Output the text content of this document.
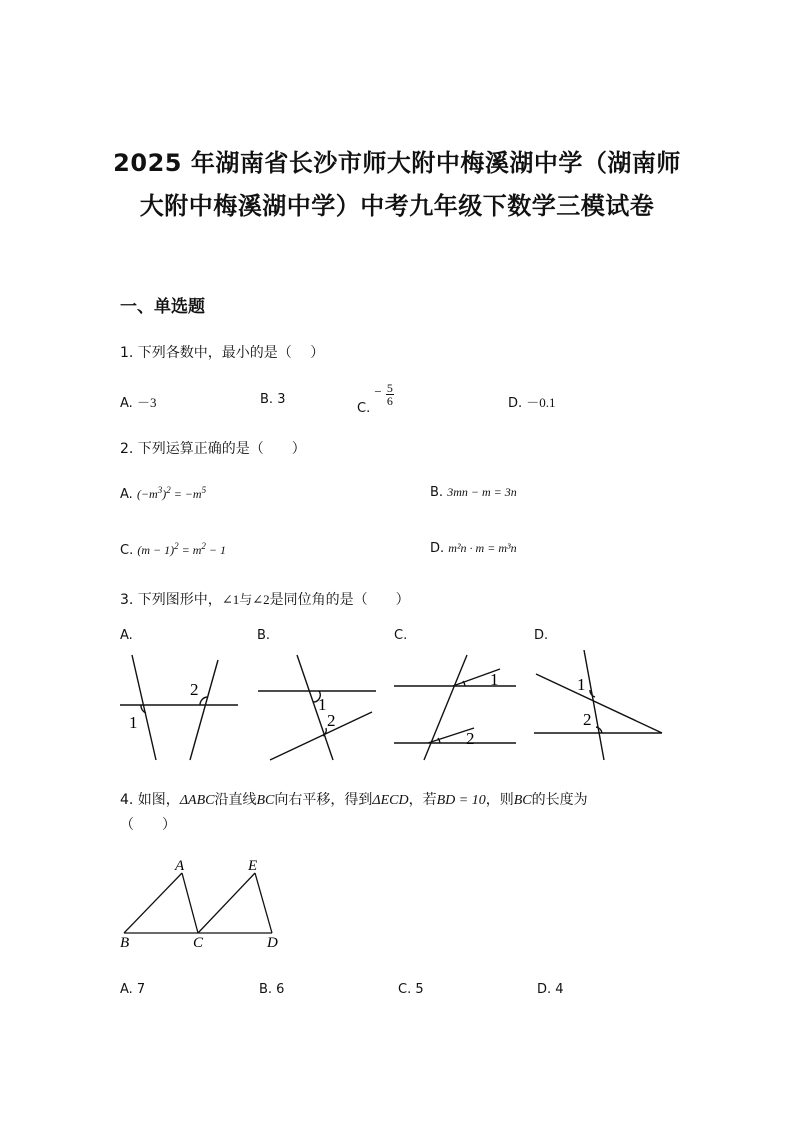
2025 年湖南省长沙市师大附中梅溪湖中学（湖南师
大附中梅溪湖中学）中考九年级下数学三模试卷
一、单选题
1. 下列各数中，最小的是（　 ）
A. －3	B. 3
C. − $\frac{5}{6}$	D. －0.1
2. 下列运算正确的是（　　）
A. $(-m^3)^2 = -m^5$	B. 3mn − m = 3n
C. $(m - 1)^2 = m^2 - 1$	D. m²n · m = m³n
3. 下列图形中，∠1与∠2是同位角的是（　　）
A.	B.	C.	D.
1
2
1
2
1
2
1
2
4. 如图，ΔABC沿直线BC向右平移，得到ΔECD，若BD = 10，则BC的长度为
（　　）
A	E
B	C	D
A. 7	B. 6	C. 5	D. 4
